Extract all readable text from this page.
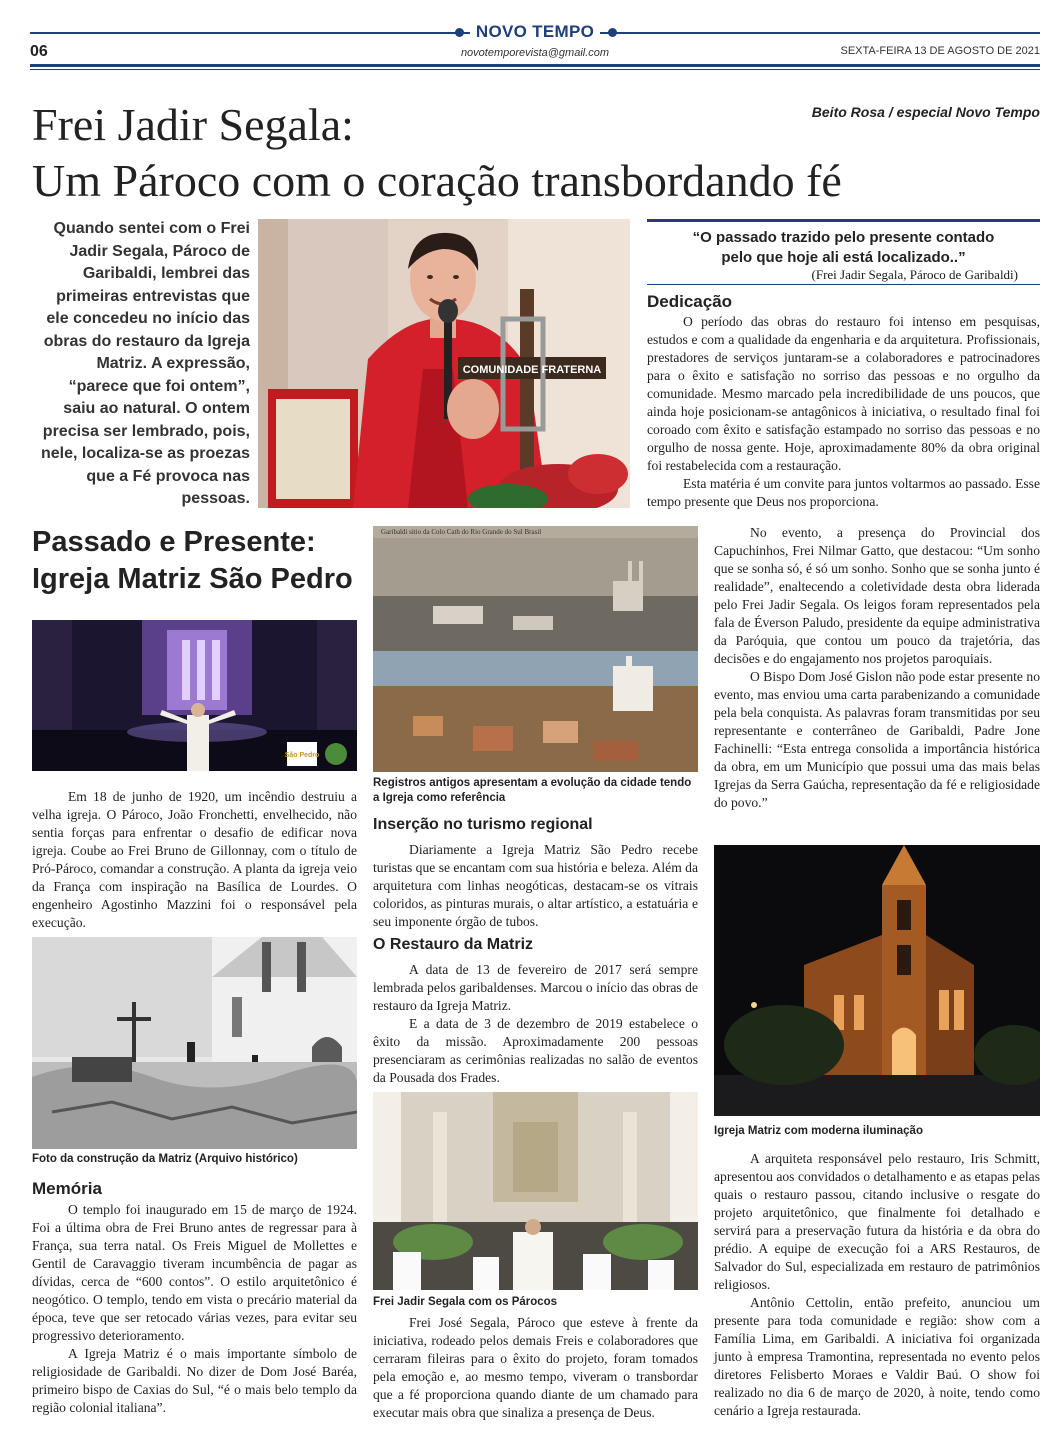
NOVO TEMPO
novotemporevista@gmail.com
06	SEXTA-FEIRA 13 DE AGOSTO DE 2021
Frei Jadir Segala:
Um Pároco com o coração transbordando fé
Beito Rosa / especial Novo Tempo
Quando sentei com o Frei Jadir Segala, Pároco de Garibaldi, lembrei das primeiras entrevistas que ele concedeu no início das obras do restauro da Igreja Matriz. A expressão, “parece que foi ontem”, saiu ao natural. O ontem precisa ser lembrado, pois, nele, localiza-se as proezas que a Fé provoca nas pessoas.
COMUNIDADE FRATERNA
“O passado trazido pelo presente contado
pelo que hoje ali está localizado..”
(Frei Jadir Segala, Pároco de Garibaldi)
Dedicação

O período das obras do restauro foi intenso em pesquisas, estudos e com a qualidade da engenharia e da arquitetura. Profissionais, prestadores de serviços juntaram-se a colaboradores e patrocinadores para o êxito e satisfação no sorriso das pessoas e no orgulho da comunidade. Mesmo marcado pela incredibilidade de uns poucos, que ainda hoje posicionam-se antagônicos à iniciativa, o resultado final foi coroado com êxito e satisfação estampado no sorriso das pessoas e no orgulho de nossa gente. Hoje, aproximadamente 80% da obra original foi restabelecida com a restauração.

Esta matéria é um convite para juntos voltarmos ao passado. Esse tempo presente que Deus nos proporciona.

Passado e Presente:
Igreja Matriz São Pedro
São Pedro

Em 18 de junho de 1920, um incêndio destruiu a velha igreja. O Pároco, João Fronchetti, envelhecido, não sentia forças para enfrentar o desafio de edificar nova igreja. Coube ao Frei Bruno de Gillonnay, com o título de Pró-Pároco, comandar a construção. A planta da igreja veio da França com inspiração na Basílica de Lourdes. O engenheiro Agostinho Mazzini foi o responsável pela execução.

Foto da construção da Matriz (Arquivo histórico)
Memória

O templo foi inaugurado em 15 de março de 1924. Foi a última obra de Frei Bruno antes de regressar para à França, sua terra natal. Os Freis Miguel de Mollettes e Gentil de Caravaggio tiveram incumbência de pagar as dívidas, cerca de “600 contos”. O estilo arquitetônico é neogótico. O templo, tendo em vista o precário material da época, teve que ser retocado várias vezes, para evitar seu progressivo deterioramento.

A Igreja Matriz é o mais importante símbolo de religiosidade de Garibaldi. No dizer de Dom José Baréa, primeiro bispo de Caxias do Sul, “é o mais belo templo da região colonial italiana”.

Garibaldi sitio da Colo Cath do Rio Grande do Sul Brasil
Registros antigos apresentam a evolução da cidade tendo a Igreja como referência
Inserção no turismo regional

Diariamente a Igreja Matriz São Pedro recebe turistas que se encantam com sua história e beleza. Além da arquitetura com linhas neogóticas, destacam-se os vitrais coloridos, as pinturas murais, o altar artístico, a estatuária e seu imponente órgão de tubos.

O Restauro da Matriz

A data de 13 de fevereiro de 2017 será sempre lembrada pelos garibaldenses. Marcou o início das obras de restauro da Igreja Matriz.

E a data de 3 de dezembro de 2019 estabelece o êxito da missão. Aproximadamente 200 pessoas presenciaram as cerimônias realizadas no salão de eventos da Pousada dos Frades.

Frei Jadir Segala com os Párocos

Frei José Segala, Pároco que esteve à frente da iniciativa, rodeado pelos demais Freis e colaboradores que cerraram fileiras para o êxito do projeto, foram tomados pela emoção e, ao mesmo tempo, viveram o transbordar que a fé proporciona quando diante de um chamado para executar mais obra que sinaliza a presença de Deus.

No evento, a presença do Provincial dos Capuchinhos, Frei Nilmar Gatto, que destacou: “Um sonho que se sonha só, é só um sonho. Sonho que se sonha junto é realidade”, enaltecendo a coletividade desta obra liderada pelo Frei Jadir Segala. Os leigos foram representados pela fala de Éverson Paludo, presidente da equipe administrativa da Paróquia, que contou um pouco da trajetória, das decisões e do engajamento nos projetos paroquiais.

O Bispo Dom José Gislon não pode estar presente no evento, mas enviou uma carta parabenizando a comunidade pela bela conquista. As palavras foram transmitidas por seu representante e conterrâneo de Garibaldi, Padre Jone Fachinelli: “Esta entrega consolida a importância histórica da obra, em um Município que possui uma das mais belas Igrejas da Serra Gaúcha, representação da fé e religiosidade do povo.”

Igreja Matriz com moderna iluminação

A arquiteta responsável pelo restauro, Iris Schmitt, apresentou aos convidados o detalhamento e as etapas pelas quais o restauro passou, citando inclusive o resgate do projeto arquitetônico, que finalmente foi detalhado e servirá para a preservação futura da história e da obra do prédio. A equipe de execução foi a ARS Restauros, de Salvador do Sul, especializada em restauro de patrimônios religiosos.

Antônio Cettolin, então prefeito, anunciou um presente para toda comunidade e região: show com a Família Lima, em Garibaldi. A iniciativa foi organizada junto à empresa Tramontina, representada no evento pelos diretores Felisberto Moraes e Valdir Baú. O show foi realizado no dia 6 de março de 2020, à noite, tendo como cenário a Igreja restaurada.
